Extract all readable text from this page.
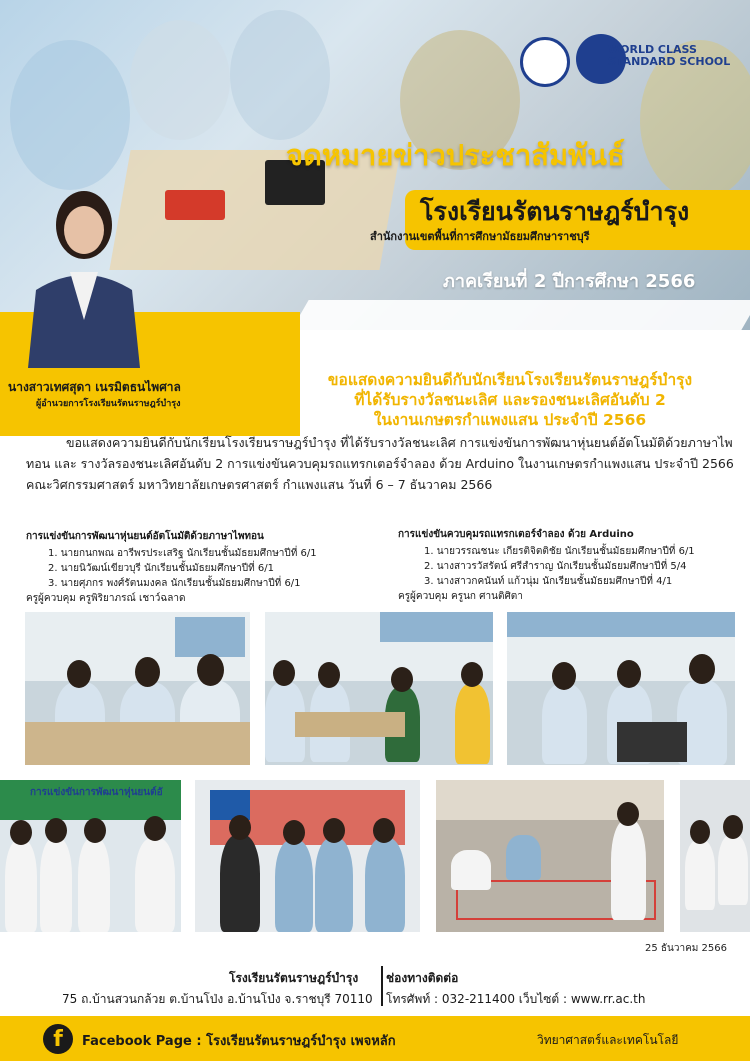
WORLD CLASS
STANDARD SCHOOL
จดหมายข่าวประชาสัมพันธ์
โรงเรียนรัตนราษฎร์บำรุง
สำนักงานเขตพื้นที่การศึกษามัธยมศึกษาราชบุรี
ภาคเรียนที่ 2 ปีการศึกษา 2566
นางสาวเทศสุดา เนรมิตธนไพศาล
ผู้อำนวยการโรงเรียนรัตนราษฎร์บำรุง
ขอแสดงความยินดีกับนักเรียนโรงเรียนรัตนราษฎร์บำรุง
ที่ได้รับรางวัลชนะเลิศ และรองชนะเลิศอันดับ 2
ในงานเกษตรกำแพงแสน ประจำปี 2566
ขอแสดงความยินดีกับนักเรียนโรงเรียนราษฎร์บำรุง ที่ได้รับรางวัลชนะเลิศ การแข่งขันการพัฒนาหุ่นยนต์อัตโนมัติด้วยภาษาไพทอน และ รางวัลรองชนะเลิศอันดับ 2 การแข่งขันควบคุมรถแทรกเตอร์จำลอง ด้วย Arduino ในงานเกษตรกำแพงแสน ประจำปี 2566 คณะวิศกรรมศาสตร์ มหาวิทยาลัยเกษตรศาสตร์ กำแพงแสน วันที่ 6 – 7 ธันวาคม 2566
การแข่งขันการพัฒนาหุ่นยนต์อัตโนมัติด้วยภาษาไพทอน
1. นายกนกพณ อารีพรประเสริฐ นักเรียนชั้นมัธยมศึกษาปีที่ 6/1
2. นายนิวัฒน์เขียวบุรี นักเรียนชั้นมัธยมศึกษาปีที่ 6/1
3. นายศุภกร พงศ์รัตนมงคล นักเรียนชั้นมัธยมศึกษาปีที่ 6/1
ครูผู้ควบคุม ครูพิริยาภรณ์ เชาว์ฉลาด
การแข่งขันควบคุมรถแทรกเตอร์จำลอง ด้วย Arduino
1. นายวรรณชนะ เกียรติจิตติชัย นักเรียนชั้นมัธยมศึกษาปีที่ 6/1
2. นางสาวรวัสรัตน์ ศรีสำราญ นักเรียนชั้นมัธยมศึกษาปีที่ 5/4
3. นางสาวกคนันท์ แก้วนุ่ม นักเรียนชั้นมัธยมศึกษาปีที่ 4/1
ครูผู้ควบคุม ครูนก ศานติศิตา
การแข่งขันการพัฒนาหุ่นยนต์อั
25 ธันวาคม 2566
โรงเรียนรัตนราษฎร์บำรุง
75 ถ.บ้านสวนกล้วย ต.บ้านโป่ง อ.บ้านโป่ง จ.ราชบุรี 70110
ช่องทางติดต่อ
โทรศัพท์ : 032-211400 เว็บไซต์ : www.rr.ac.th
f	Facebook Page : โรงเรียนรัตนราษฎร์บำรุง เพจหลัก	วิทยาศาสตร์และเทคโนโลยี
